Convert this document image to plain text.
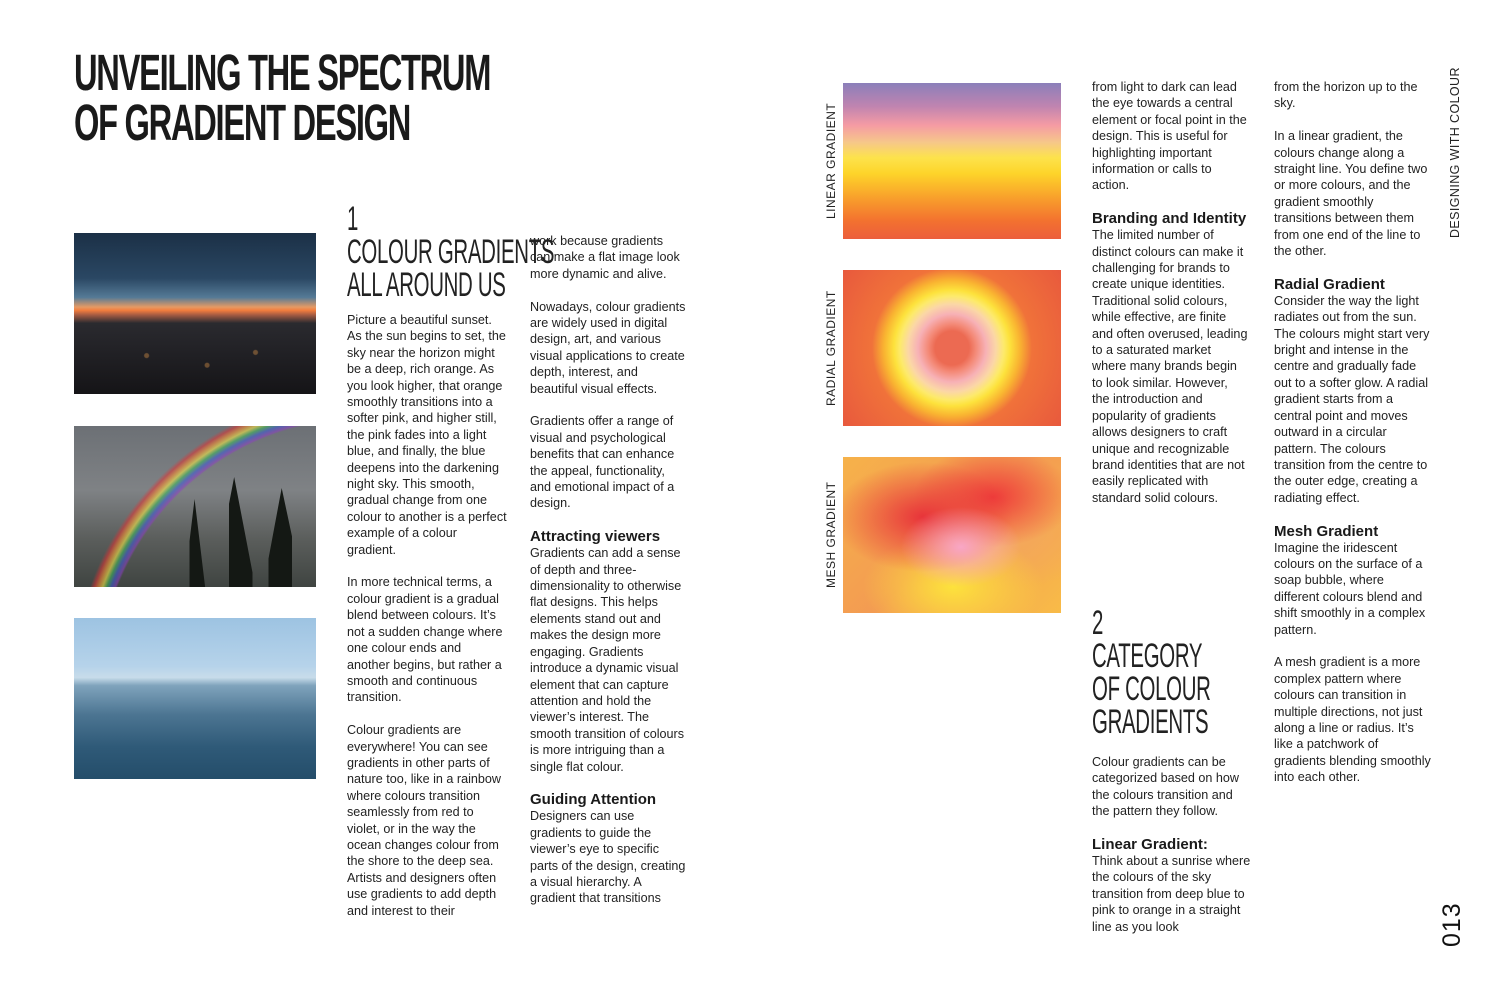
UNVEILING THE SPECTRUM
OF GRADIENT DESIGN
1
COLOUR GRADIENTS
ALL AROUND US

Picture a beautiful sunset. As the sun begins to set, the sky near the horizon might be a deep, rich orange. As you look higher, that orange smoothly transitions into a softer pink, and higher still, the pink fades into a light blue, and finally, the blue deepens into the darkening night sky. This smooth, gradual change from one colour to another is a perfect example of a colour gradient.

In more technical terms, a colour gradient is a gradual blend between colours. It’s not a sudden change where one colour ends and another begins, but rather a smooth and continuous transition.

Colour gradients are everywhere! You can see gradients in other parts of nature too, like in a rainbow where colours transition seamlessly from red to violet, or in the way the ocean changes colour from the shore to the deep sea. Artists and designers often use gradients to add depth and interest to their

work because gradients can make a flat image look more dynamic and alive.

Nowadays, colour gradients are widely used in digital design, art, and various visual applications to create depth, interest, and beautiful visual effects.

Gradients offer a range of visual and psychological benefits that can enhance the appeal, functionality, and emotional impact of a design.

Attracting viewers

Gradients can add a sense of depth and three-dimensionality to otherwise flat designs. This helps elements stand out and makes the design more engaging. Gradients introduce a dynamic visual element that can capture attention and hold the viewer’s interest. The smooth transition of colours is more intriguing than a single flat colour.

Guiding Attention

Designers can use gradients to guide the viewer’s eye to specific parts of the design, creating a visual hierarchy. A gradient that transitions

LINEAR GRADIENT
RADIAL GRADIENT
MESH GRADIENT

from light to dark can lead the eye towards a central element or focal point in the design. This is useful for highlighting important information or calls to action.

Branding and Identity

The limited number of distinct colours can make it challenging for brands to create unique identities. Traditional solid colours, while effective, are finite and often overused, leading to a saturated market where many brands begin to look similar. However, the introduction and popularity of gradients allows designers to craft unique and recognizable brand identities that are not easily replicated with standard solid colours.

2
CATEGORY
OF COLOUR
GRADIENTS

Colour gradients can be categorized based on how the colours transition and the pattern they follow.

Linear Gradient:

Think about a sunrise where the colours of the sky transition from deep blue to pink to orange in a straight line as you look

from the horizon up to the sky.

In a linear gradient, the colours change along a straight line. You define two or more colours, and the gradient smoothly transitions between them from one end of the line to the other.

Radial Gradient

Consider the way the light radiates out from the sun. The colours might start very bright and intense in the centre and gradually fade out to a softer glow. A radial gradient starts from a central point and moves outward in a circular pattern. The colours transition from the centre to the outer edge, creating a radiating effect.

Mesh Gradient

Imagine the iridescent colours on the surface of a soap bubble, where different colours blend and shift smoothly in a complex pattern.

A mesh gradient is a more complex pattern where colours can transition in multiple directions, not just along a line or radius. It’s like a patchwork of gradients blending smoothly into each other.

DESIGNING WITH COLOUR
013
